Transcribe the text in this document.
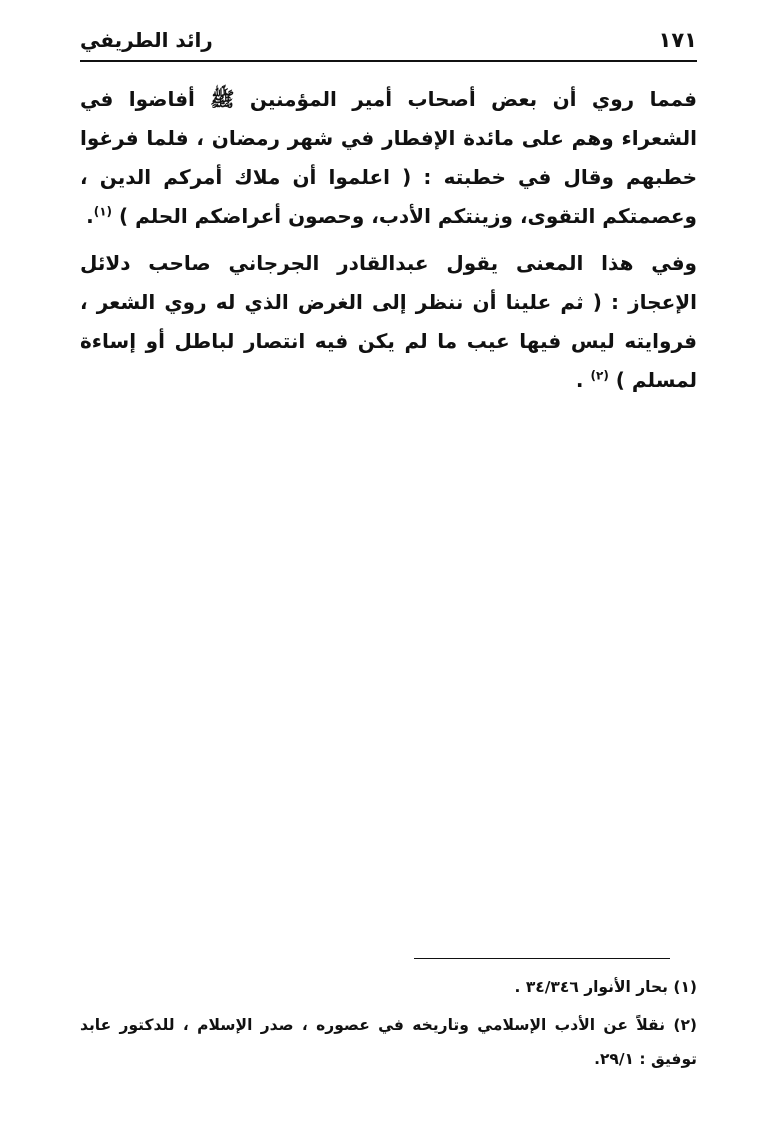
١٧١
رائد الطريفي

فمما روي أن بعض أصحاب أمير المؤمنين ﷺ أفاضوا في الشعراء وهم على مائدة الإفطار في شهر رمضان ، فلما فرغوا خطبهم وقال في خطبته : ( اعلموا أن ملاك أمركم الدين ، وعصمتكم التقوى، وزينتكم الأدب، وحصون أعراضكم الحلم ) $^{(١)}$.

وفي هذا المعنى يقول عبدالقادر الجرجاني صاحب دلائل الإعجاز : ( ثم علينا أن ننظر إلى الغرض الذي له روي الشعر ، فروايته ليس فيها عيب ما لم يكن فيه انتصار لباطل أو إساءة لمسلم ) $^{(٢)}$ .

(١) بحار الأنوار ٣٤/٣٤٦ .

(٢) نقلاً عن الأدب الإسلامي وتاريخه في عصوره ، صدر الإسلام ، للدكتور عابد توفيق : ٢٩/١.
